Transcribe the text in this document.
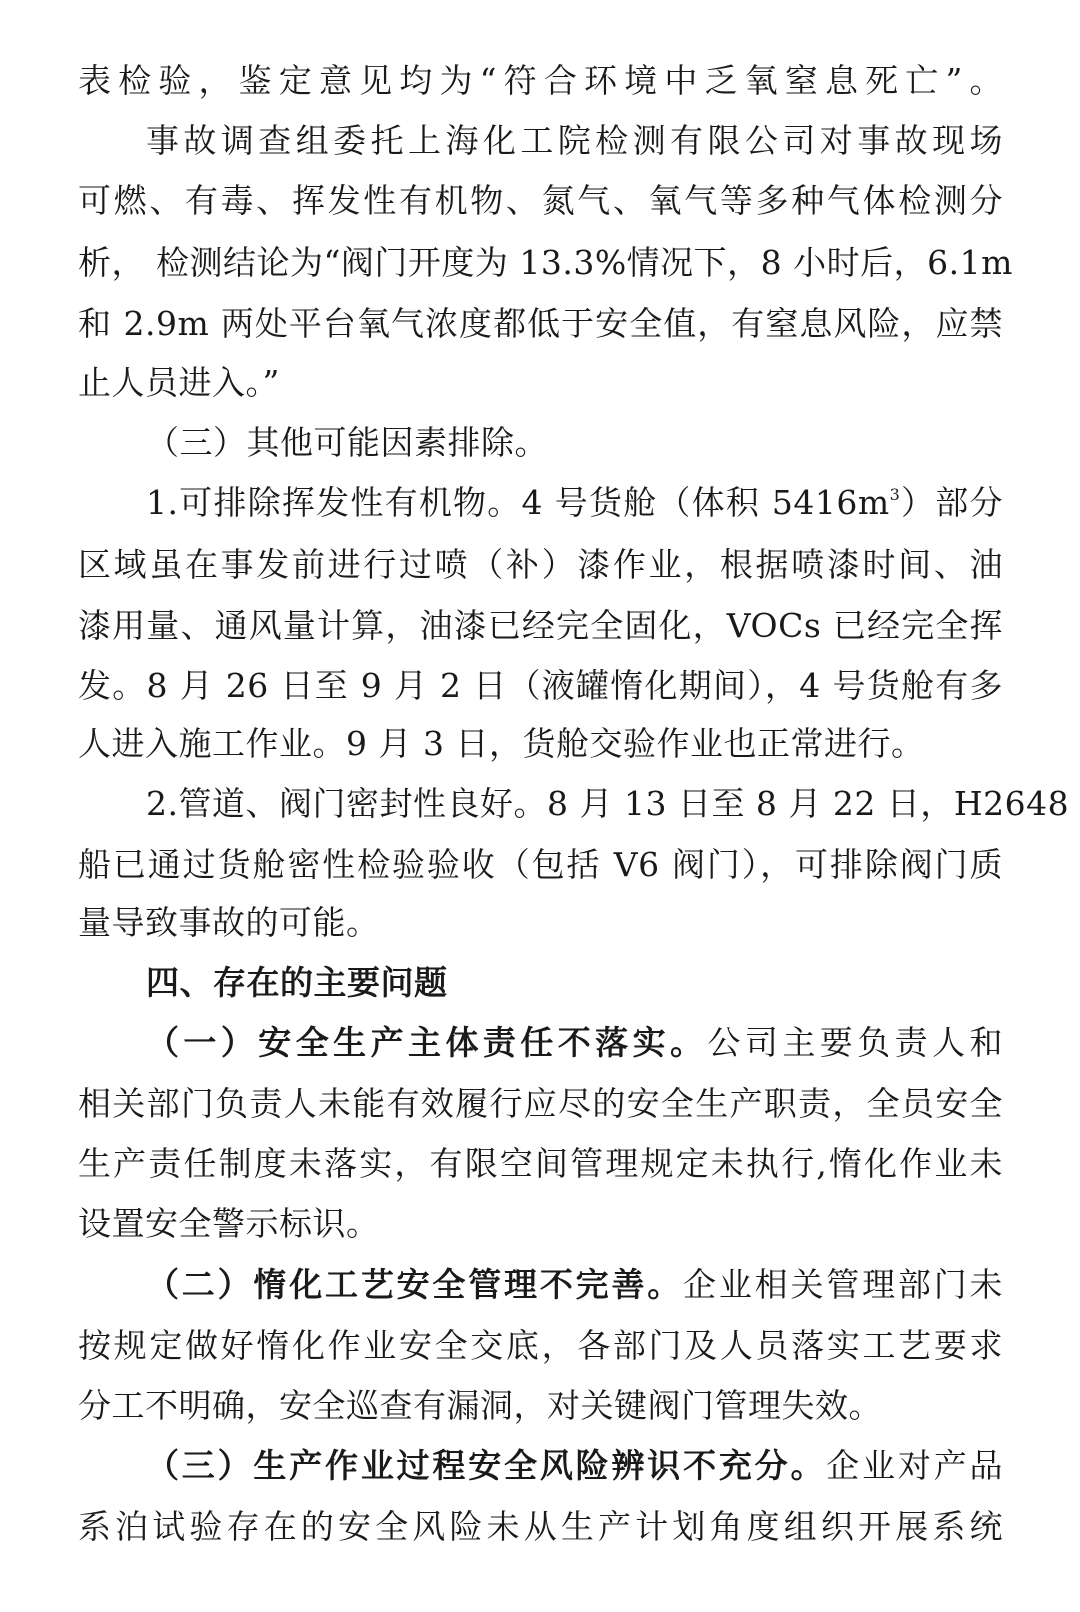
表检验，鉴定意见均为“符合环境中乏氧窒息死亡”。
事故调查组委托上海化工院检测有限公司对事故现场
可燃、有毒、挥发性有机物、氮气、氧气等多种气体检测分
析， 检测结论为“阀门开度为 13.3%情况下，8 小时后，6.1m
和 2.9m 两处平台氧气浓度都低于安全值，有窒息风险，应禁
止人员进入。”
（三）其他可能因素排除。
1.可排除挥发性有机物。4 号货舱（体积 $5416m^3$）部分
区域虽在事发前进行过喷（补）漆作业，根据喷漆时间、油
漆用量、通风量计算，油漆已经完全固化，VOCs 已经完全挥
发。8 月 26 日至 9 月 2 日（液罐惰化期间），4 号货舱有多
人进入施工作业。9 月 3 日，货舱交验作业也正常进行。
2.管道、阀门密封性良好。8 月 13 日至 8 月 22 日，H2648
船已通过货舱密性检验验收（包括 V6 阀门），可排除阀门质
量导致事故的可能。
四、存在的主要问题
（一）安全生产主体责任不落实。公司主要负责人和
相关部门负责人未能有效履行应尽的安全生产职责，全员安全
生产责任制度未落实，有限空间管理规定未执行,惰化作业未
设置安全警示标识。
（二）惰化工艺安全管理不完善。企业相关管理部门未
按规定做好惰化作业安全交底，各部门及人员落实工艺要求
分工不明确，安全巡查有漏洞，对关键阀门管理失效。
（三）生产作业过程安全风险辨识不充分。企业对产品
系泊试验存在的安全风险未从生产计划角度组织开展系统
